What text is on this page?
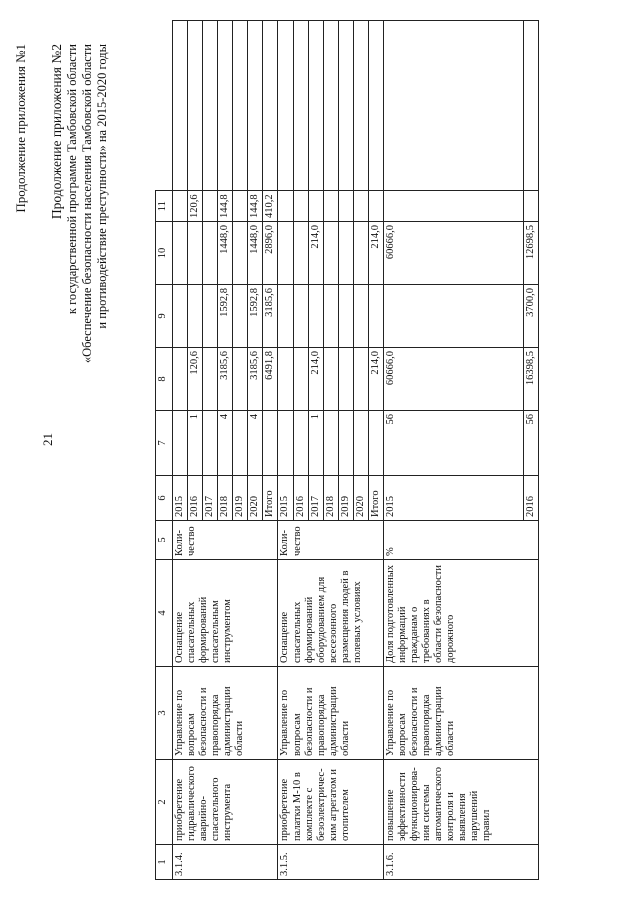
21
Продолжение приложения №1 Продолжение приложения №2 к государственной программе Тамбовской области «Обеспечение безопасности населения Тамбовской области и противодействие преступности» на 2015-2020 годы
1	2	3	4	5	6	7	8	9	10	11	
3.1.4.	приобретение гидравлического аварийно-спасательного инструмента	Управление по вопросам безопасности и правопорядка администрации области	Оснащение спасательных формирований спасательным инструментом	Коли-чество	2015						
					2016	1	120,6			120,6	
					2017						
					2018	4	3185,6	1592,8	1448,0	144,8	
					2019						
					2020	4	3185,6	1592,8	1448,0	144,8	
					Итого		6491,8	3185,6	2896,0	410,2	
3.1.5.	приобретение палатки М-10 в комплекте с безоэлектричес-ким агрегатом и отопителем	Управление по вопросам безопасности и правопорядка администрации области	Оснащение спасательных формирований оборудованием для всесезонного размещения людей в полевых условиях	Коли-чество	2015						
					2016						
					2017	1	214,0		214,0		
					2018						
					2019						
					2020						
					Итого		214,0		214,0		
3.1.6.	повышение эффективности функционирова-ния системы автоматического контроля и выявления нарушений правил	Управление по вопросам безопасности и правопорядка администрации области	Доля подготовленных информаций гражданам о требованиях в области безопасности дорожного	%	2015	56	60666,0		60666,0		
					2016	56	16398,5	3700,0	12698,5		
